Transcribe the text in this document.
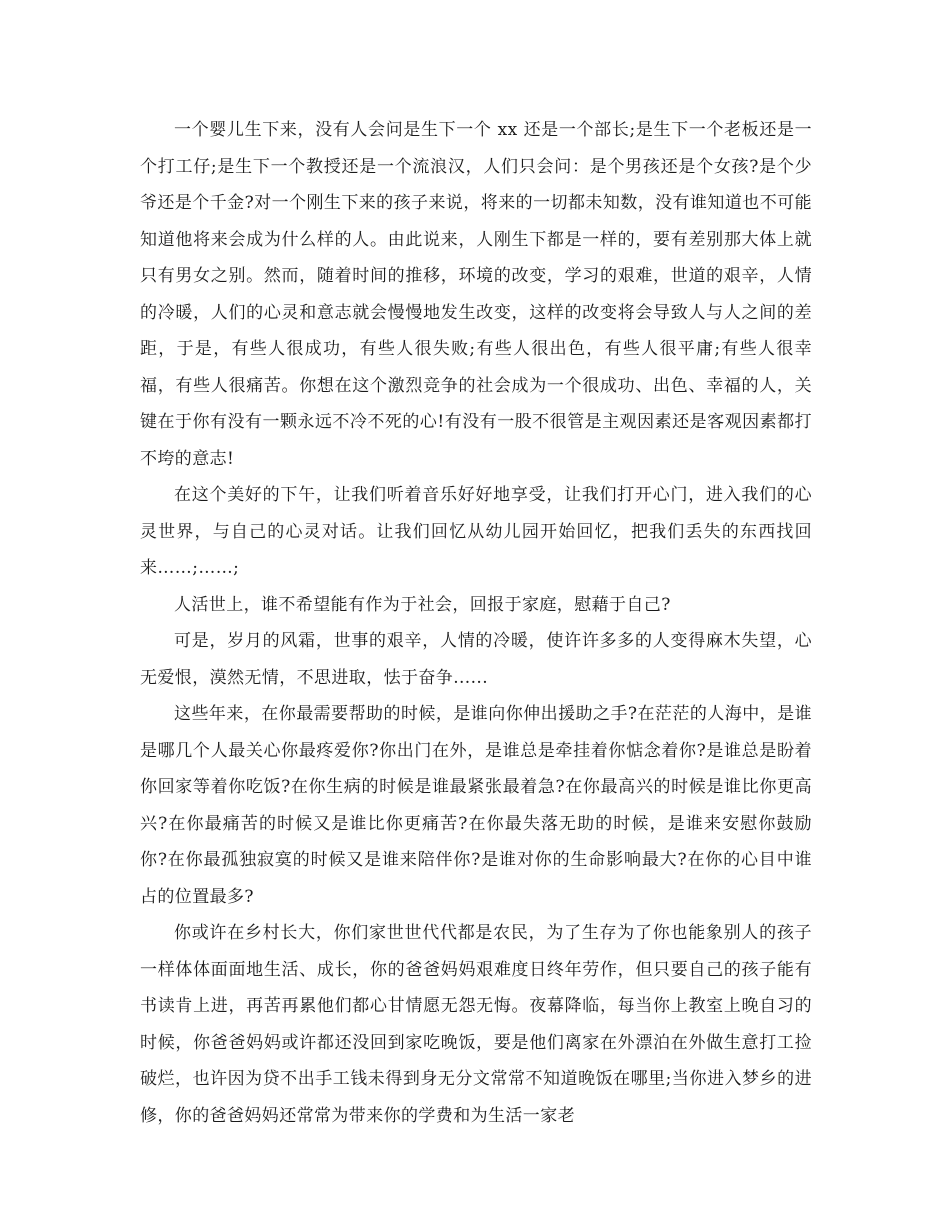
一个婴儿生下来，没有人会问是生下一个 xx 还是一个部长;是生下一个老板还是一个打工仔;是生下一个教授还是一个流浪汉，人们只会问：是个男孩还是个女孩?是个少爷还是个千金?对一个刚生下来的孩子来说，将来的一切都未知数，没有谁知道也不可能知道他将来会成为什么样的人。由此说来，人刚生下都是一样的，要有差别那大体上就只有男女之别。然而，随着时间的推移，环境的改变，学习的艰难，世道的艰辛，人情的冷暖，人们的心灵和意志就会慢慢地发生改变，这样的改变将会导致人与人之间的差距，于是，有些人很成功，有些人很失败;有些人很出色，有些人很平庸;有些人很幸福，有些人很痛苦。你想在这个激烈竞争的社会成为一个很成功、出色、幸福的人，关键在于你有没有一颗永远不冷不死的心!有没有一股不很管是主观因素还是客观因素都打不垮的意志!

在这个美好的下午，让我们听着音乐好好地享受，让我们打开心门，进入我们的心灵世界，与自己的心灵对话。让我们回忆从幼儿园开始回忆，把我们丢失的东西找回来……;……;

人活世上，谁不希望能有作为于社会，回报于家庭，慰藉于自己?

可是，岁月的风霜，世事的艰辛，人情的冷暖，使许许多多的人变得麻木失望，心无爱恨，漠然无情，不思进取，怯于奋争......

这些年来，在你最需要帮助的时候，是谁向你伸出援助之手?在茫茫的人海中，是谁是哪几个人最关心你最疼爱你?你出门在外，是谁总是牵挂着你惦念着你?是谁总是盼着你回家等着你吃饭?在你生病的时候是谁最紧张最着急?在你最高兴的时候是谁比你更高兴?在你最痛苦的时候又是谁比你更痛苦?在你最失落无助的时候，是谁来安慰你鼓励你?在你最孤独寂寞的时候又是谁来陪伴你?是谁对你的生命影响最大?在你的心目中谁占的位置最多?

你或许在乡村长大，你们家世世代代都是农民，为了生存为了你也能象别人的孩子一样体体面面地生活、成长，你的爸爸妈妈艰难度日终年劳作，但只要自己的孩子能有书读肯上进，再苦再累他们都心甘情愿无怨无悔。夜幕降临，每当你上教室上晚自习的时候，你爸爸妈妈或许都还没回到家吃晚饭，要是他们离家在外漂泊在外做生意打工捡破烂，也许因为贷不出手工钱未得到身无分文常常不知道晚饭在哪里;当你进入梦乡的进修，你的爸爸妈妈还常常为带来你的学费和为生活一家老
